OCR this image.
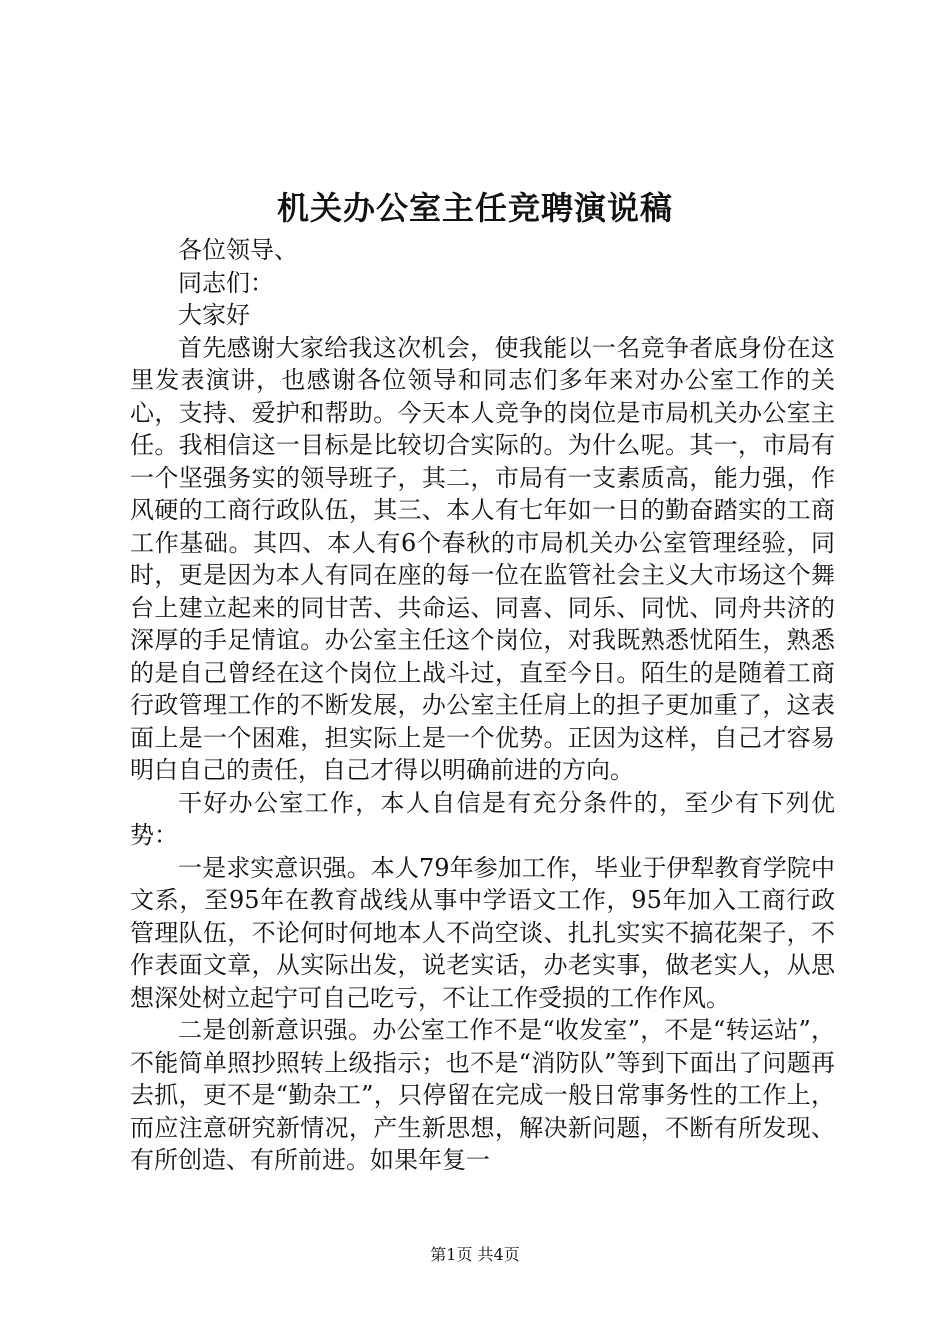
机关办公室主任竞聘演说稿

各位领导、

同志们：

大家好

首先感谢大家给我这次机会，使我能以一名竞争者底身份在这里发表演讲，也感谢各位领导和同志们多年来对办公室工作的关心，支持、爱护和帮助。今天本人竞争的岗位是市局机关办公室主任。我相信这一目标是比较切合实际的。为什么呢。其一，市局有一个坚强务实的领导班子，其二，市局有一支素质高，能力强，作风硬的工商行政队伍，其三、本人有七年如一日的勤奋踏实的工商工作基础。其四、本人有6个春秋的市局机关办公室管理经验，同时，更是因为本人有同在座的每一位在监管社会主义大市场这个舞台上建立起来的同甘苦、共命运、同喜、同乐、同忧、同舟共济的深厚的手足情谊。办公室主任这个岗位，对我既熟悉忧陌生，熟悉的是自己曾经在这个岗位上战斗过，直至今日。陌生的是随着工商行政管理工作的不断发展，办公室主任肩上的担子更加重了，这表面上是一个困难，担实际上是一个优势。正因为这样，自己才容易明白自己的责任，自己才得以明确前进的方向。

干好办公室工作，本人自信是有充分条件的，至少有下列优势：

一是求实意识强。本人79年参加工作，毕业于伊犁教育学院中文系，至95年在教育战线从事中学语文工作，95年加入工商行政管理队伍，不论何时何地本人不尚空谈、扎扎实实不搞花架子，不作表面文章，从实际出发，说老实话，办老实事，做老实人，从思想深处树立起宁可自己吃亏，不让工作受损的工作作风。

二是创新意识强。办公室工作不是“收发室”，不是“转运站”，不能简单照抄照转上级指示；也不是“消防队”等到下面出了问题再去抓，更不是“勤杂工”，只停留在完成一般日常事务性的工作上，而应注意研究新情况，产生新思想，解决新问题，不断有所发现、有所创造、有所前进。如果年复一

第1页 共4页
